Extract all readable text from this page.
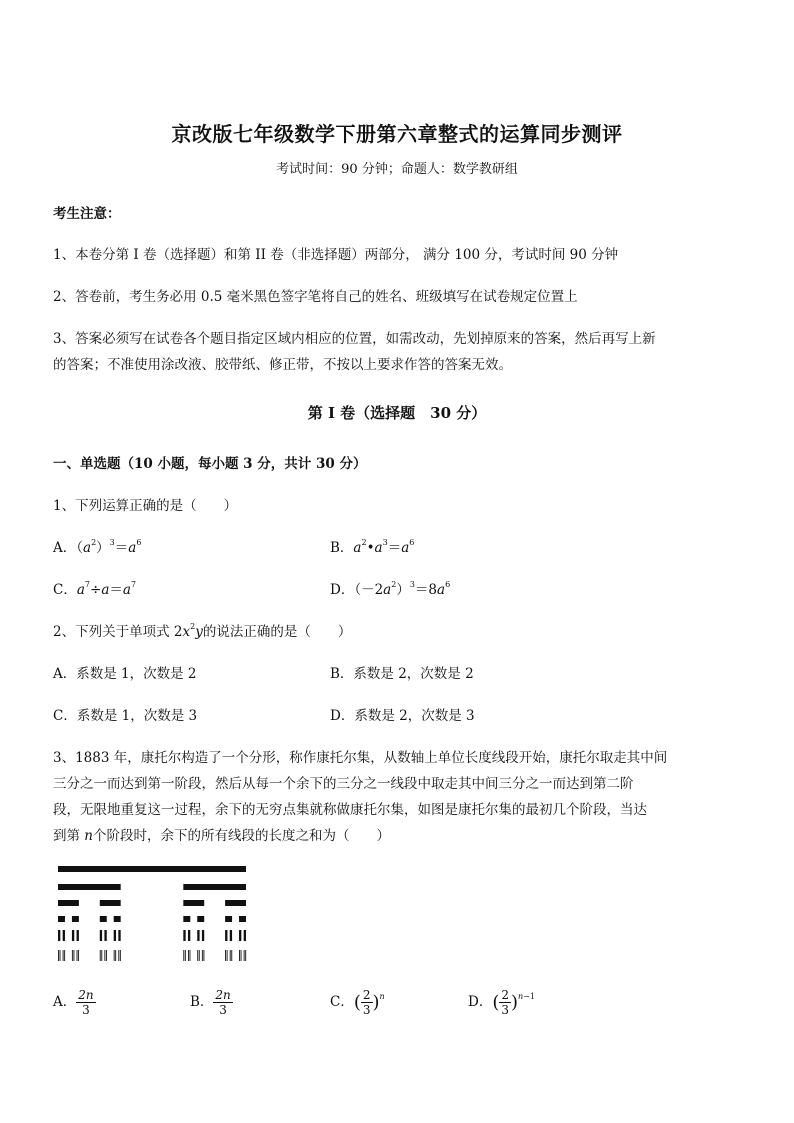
京改版七年级数学下册第六章整式的运算同步测评
考试时间：90 分钟；命题人：数学教研组
考生注意：
1、本卷分第 I 卷（选择题）和第 II 卷（非选择题）两部分， 满分 100 分，考试时间 90 分钟
2、答卷前，考生务必用 0.5 毫米黑色签字笔将自己的姓名、班级填写在试卷规定位置上
3、答案必须写在试卷各个题目指定区域内相应的位置，如需改动，先划掉原来的答案，然后再写上新
的答案；不准使用涂改液、胶带纸、修正带，不按以上要求作答的答案无效。
第 I 卷（选择题　30 分）
一、单选题（10 小题，每小题 3 分，共计 30 分）
1、下列运算正确的是（　　）
A．$(a^2)^3=a^6$	B．$a^2•a^3=a^6$
C．$a^7\div a=a^7$	D．$(-2a^2)^3=8a^6$
2、下列关于单项式 $2x^2y$的说法正确的是（　　）
A．系数是 1，次数是 2	B．系数是 2，次数是 2
C．系数是 1，次数是 3	D．系数是 2，次数是 3
3、1883 年，康托尔构造了一个分形，称作康托尔集，从数轴上单位长度线段开始，康托尔取走其中间
三分之一而达到第一阶段，然后从每一个余下的三分之一线段中取走其中间三分之一而达到第二阶
段，无限地重复这一过程，余下的无穷点集就称做康托尔集，如图是康托尔集的最初几个阶段，当达
到第 n个阶段时，余下的所有线段的长度之和为（　　）
A． $\frac{2n}{3}$	B． $\frac{2n}{3}$	C．( $\frac{2}{3} )^n$	D．( $\frac{2}{3} )^{n-1}$
